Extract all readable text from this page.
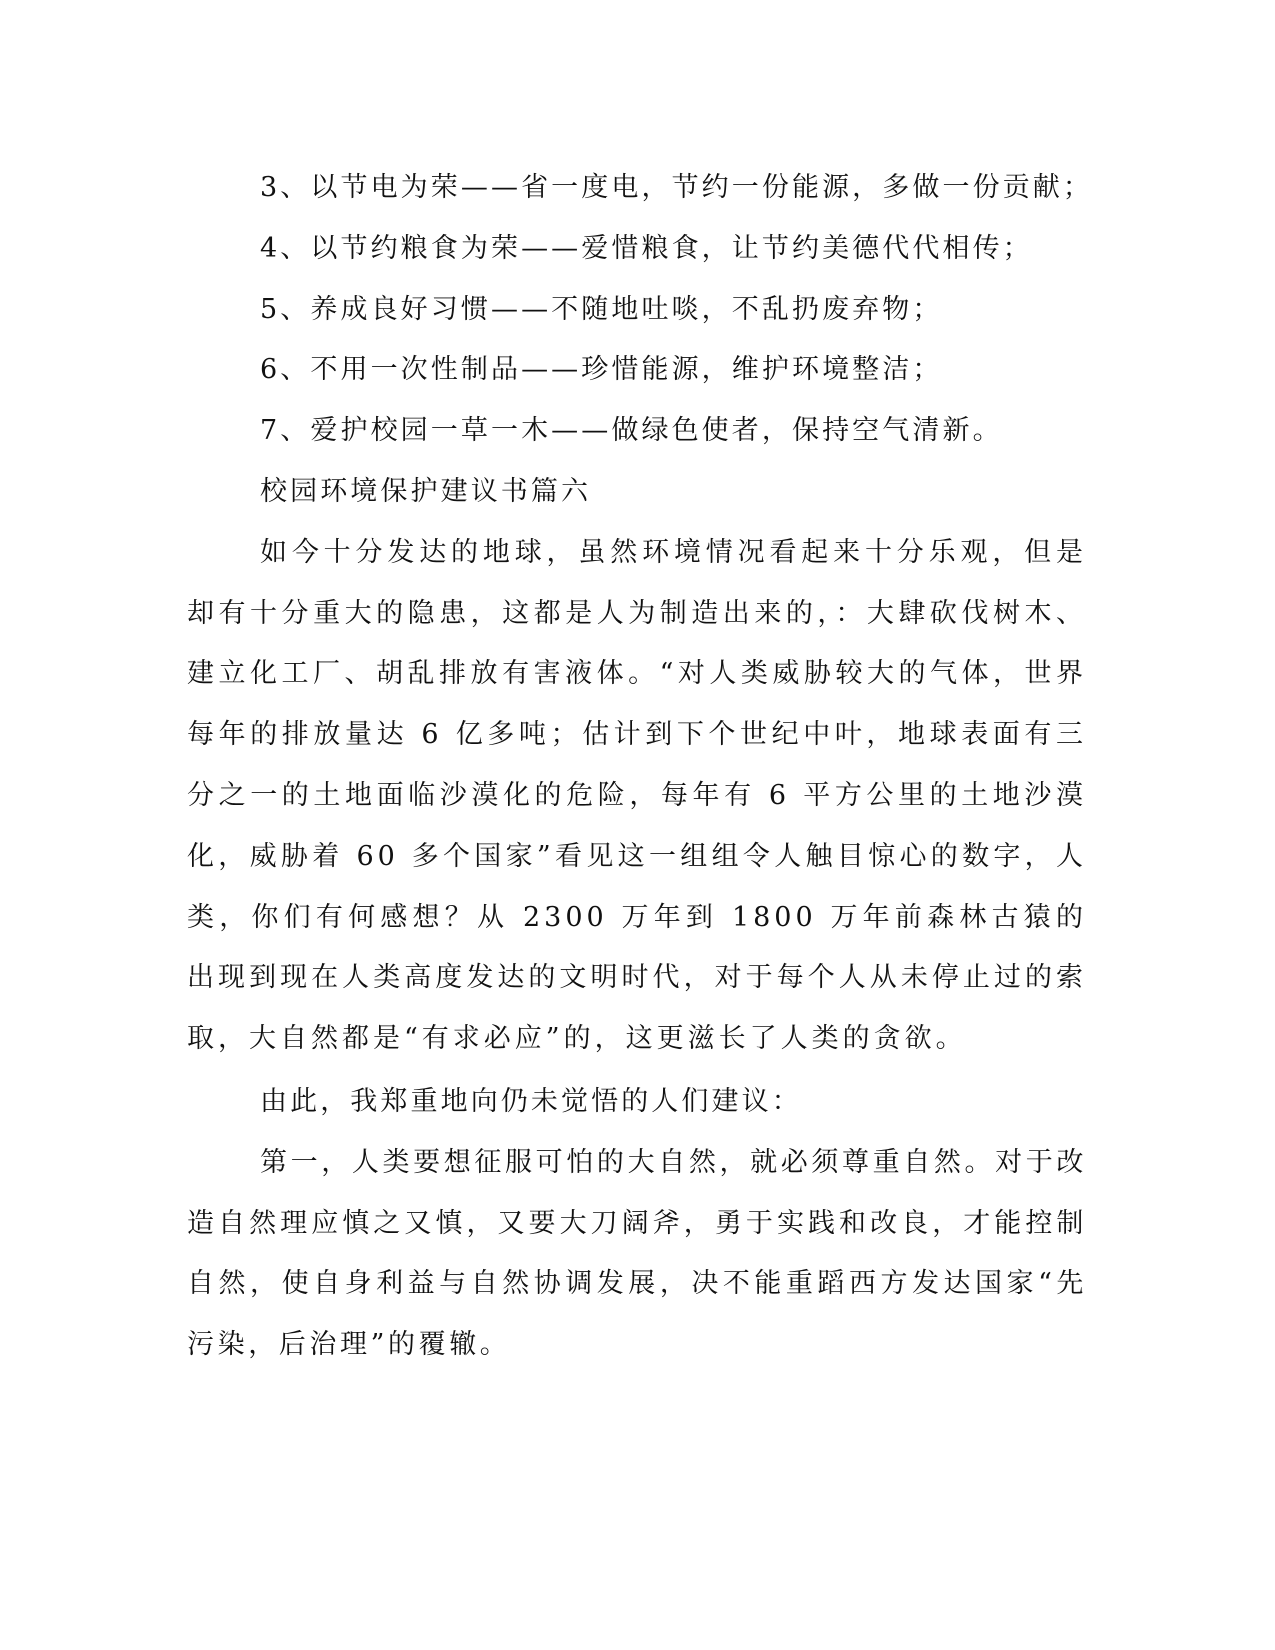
3、以节电为荣——省一度电，节约一份能源，多做一份贡献；

4、以节约粮食为荣——爱惜粮食，让节约美德代代相传；

5、养成良好习惯——不随地吐啖，不乱扔废弃物；

6、不用一次性制品——珍惜能源，维护环境整洁；

7、爱护校园一草一木——做绿色使者，保持空气清新。

校园环境保护建议书篇六

如今十分发达的地球，虽然环境情况看起来十分乐观，但是却有十分重大的隐患，这都是人为制造出来的，：大肆砍伐树木、建立化工厂、胡乱排放有害液体。“对人类威胁较大的气体，世界每年的排放量达 6 亿多吨；估计到下个世纪中叶，地球表面有三分之一的土地面临沙漠化的危险，每年有 6 平方公里的土地沙漠化，威胁着 60 多个国家”看见这一组组令人触目惊心的数字，人类，你们有何感想？从 2300 万年到 1800 万年前森林古猿的出现到现在人类高度发达的文明时代，对于每个人从未停止过的索取，大自然都是“有求必应”的，这更滋长了人类的贪欲。

由此，我郑重地向仍未觉悟的人们建议：

第一，人类要想征服可怕的大自然，就必须尊重自然。对于改造自然理应慎之又慎，又要大刀阔斧，勇于实践和改良，才能控制自然，使自身利益与自然协调发展，决不能重蹈西方发达国家“先污染，后治理”的覆辙。
